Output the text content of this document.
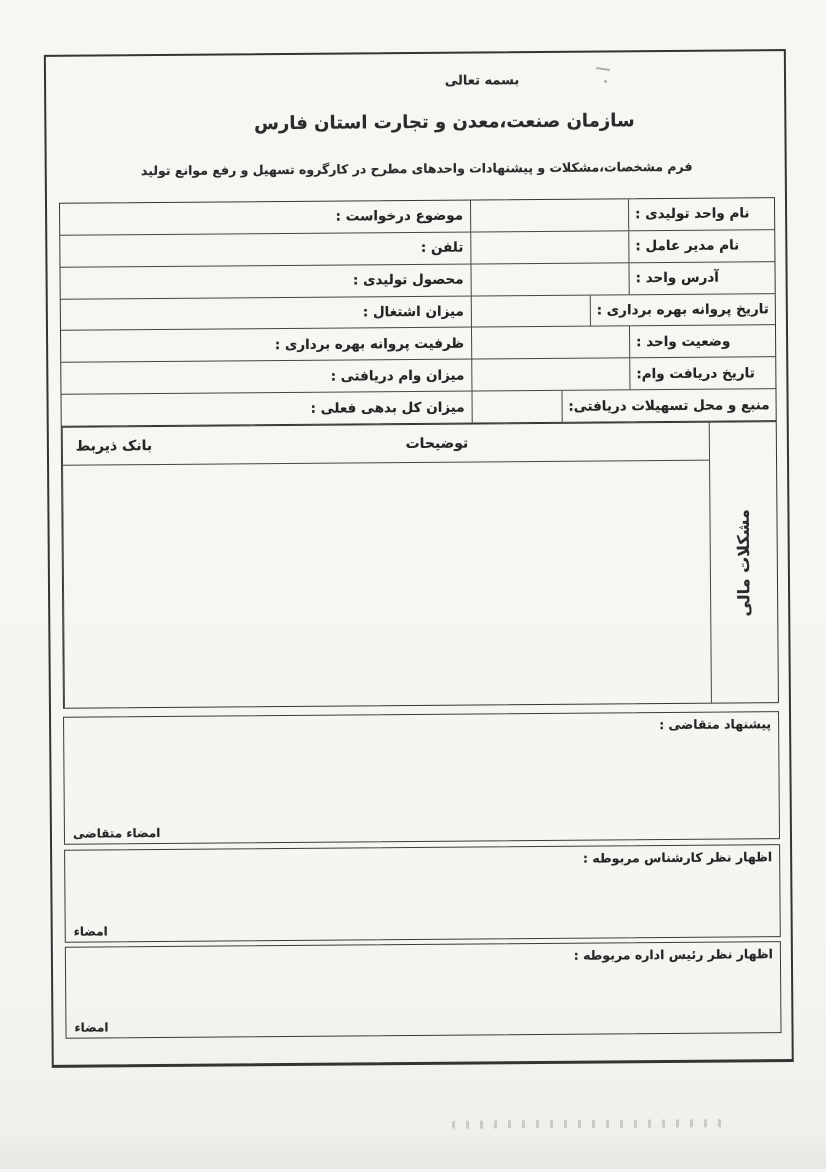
بسمه تعالی
سازمان صنعت،معدن و تجارت استان فارس
فرم مشخصات،مشکلات و پیشنهادات واحدهای مطرح در کارگروه تسهیل و رفع موانع تولید
موضوع درخواست :	نام واحد تولیدی :
تلفن :	نام مدیر عامل :
محصول تولیدی :	آدرس واحد :
میزان اشتغال :	تاریخ پروانه بهره برداری :
ظرفیت پروانه بهره برداری :	وضعیت واحد :
میزان وام دریافتی :	تاریخ دریافت وام:
میزان کل بدهی فعلی :	منبع و محل تسهیلات دریافتی:
بانک ذیربط	توضیحات
مشکلات مالی
پیشنهاد متقاضی :
امضاء متقاضی
اظهار نظر کارشناس مربوطه :
امضاء
اظهار نظر رئیس اداره مربوطه :
امضاء
